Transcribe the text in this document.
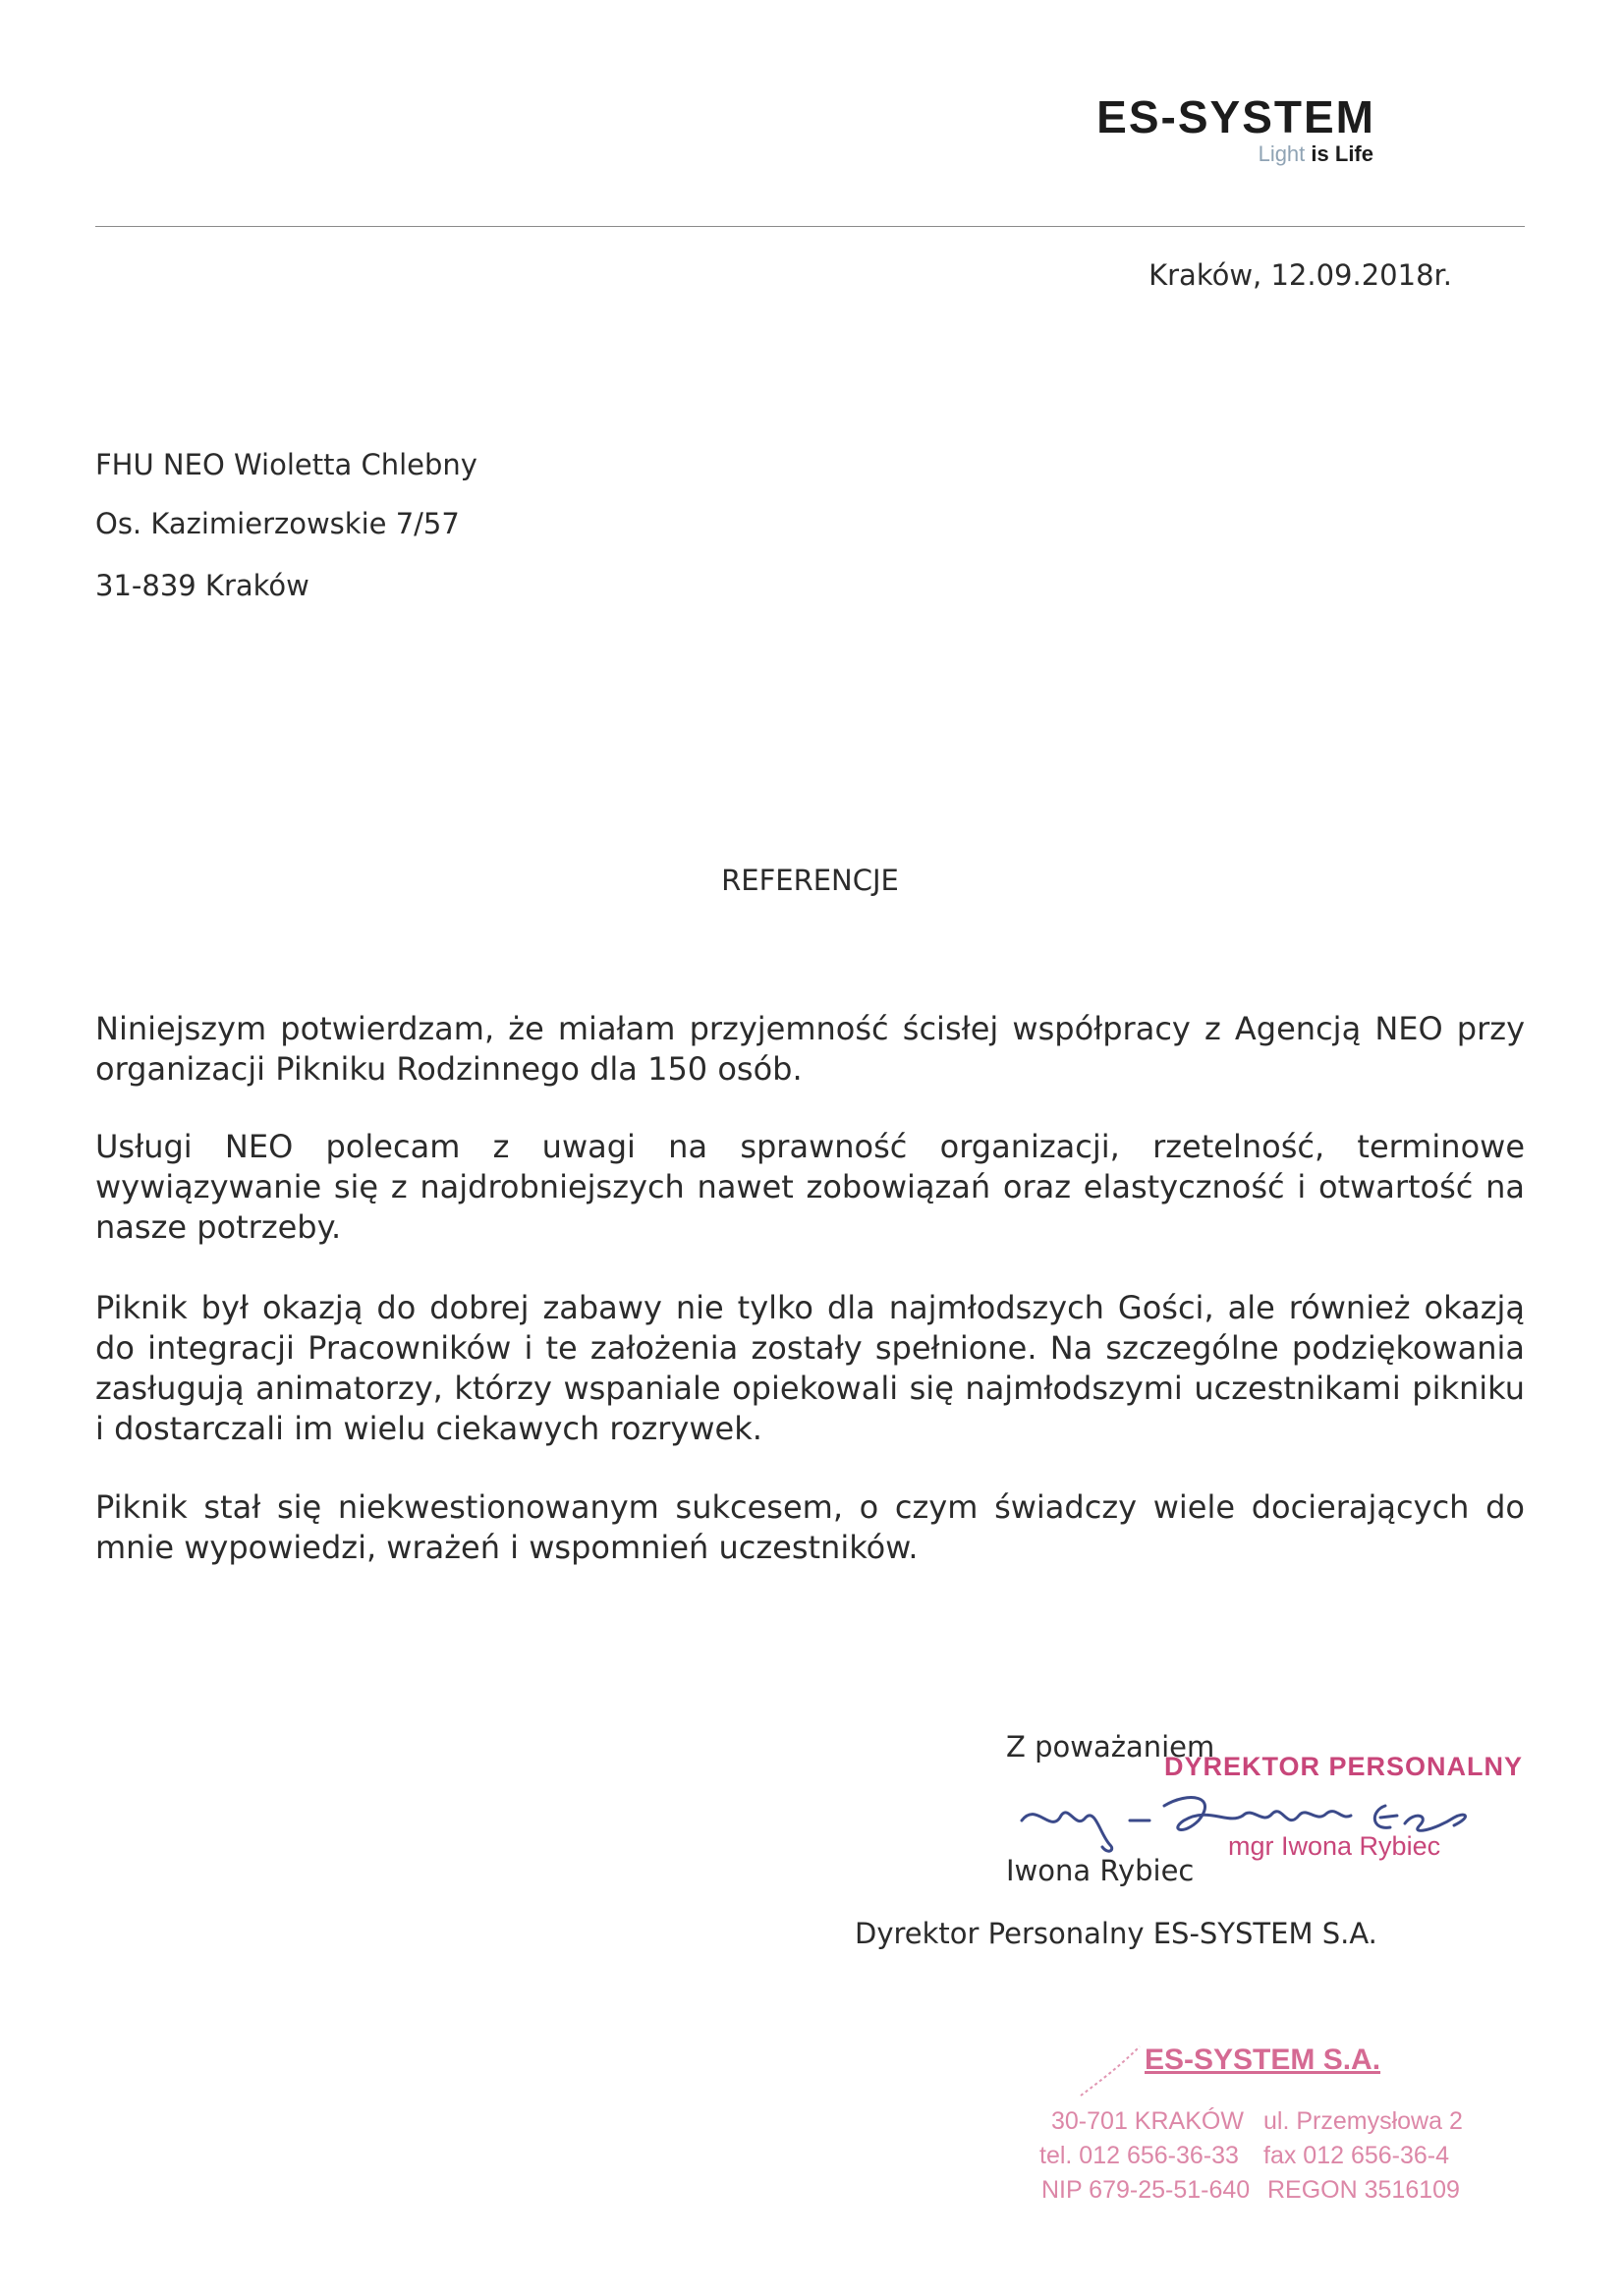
ES-SYSTEM
Light is Life
Kraków, 12.09.2018r.
FHU NEO Wioletta Chlebny
Os. Kazimierzowskie 7/57
31-839 Kraków
REFERENCJE
Niniejszym potwierdzam, że miałam przyjemność ścisłej współpracy z Agencją NEO przy organizacji Pikniku Rodzinnego dla 150 osób.
Usługi NEO polecam z uwagi na sprawność organizacji, rzetelność, terminowe wywiązywanie się z najdrobniejszych nawet zobowiązań oraz elastyczność i otwartość na nasze potrzeby.
Piknik był okazją do dobrej zabawy nie tylko dla najmłodszych Gości, ale również okazją do integracji Pracowników i te założenia zostały spełnione. Na szczególne podziękowania zasługują animatorzy, którzy wspaniale opiekowali się najmłodszymi uczestnikami pikniku i dostarczali im wielu ciekawych rozrywek.
Piknik stał się niekwestionowanym sukcesem, o czym świadczy wiele docierających do mnie wypowiedzi, wrażeń i wspomnień uczestników.
Z poważaniem
DYREKTOR PERSONALNY
mgr Iwona Rybiec
Iwona Rybiec
Dyrektor Personalny ES-SYSTEM S.A.
ES-SYSTEM S.A.
30-701 KRAKÓW ul. Przemysłowa 2
tel. 012 656-36-33 fax 012 656-36-4
NIP 679-25-51-640 REGON 3516109
